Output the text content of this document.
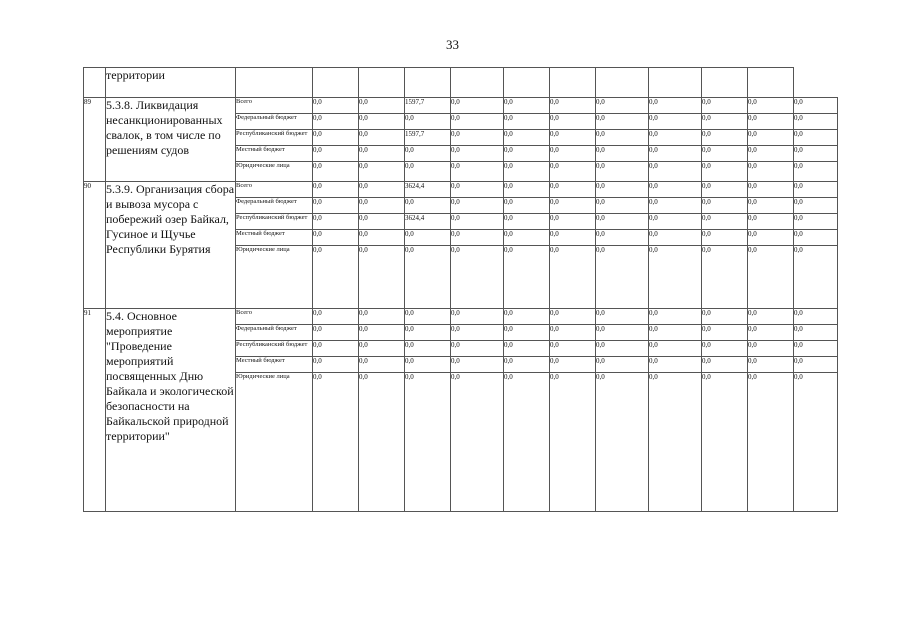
33
	территории												
89	5.3.8. Ликвидация несанкционированных свалок, в том числе по решениям судов	Всего	0,0	0,0	1597,7	0,0	0,0	0,0	0,0	0,0	0,0	0,0	0,0
		Федеральный бюджет	0,0	0,0	0,0	0,0	0,0	0,0	0,0	0,0	0,0	0,0	0,0
		Республиканский бюджет	0,0	0,0	1597,7	0,0	0,0	0,0	0,0	0,0	0,0	0,0	0,0
		Местный бюджет	0,0	0,0	0,0	0,0	0,0	0,0	0,0	0,0	0,0	0,0	0,0
		Юридические лица	0,0	0,0	0,0	0,0	0,0	0,0	0,0	0,0	0,0	0,0	0,0
90	5.3.9. Организация сбора и вывоза мусора с побережий озер Байкал, Гусиное и Щучье Республики Бурятия	Всего	0,0	0,0	3624,4	0,0	0,0	0,0	0,0	0,0	0,0	0,0	0,0
		Федеральный бюджет	0,0	0,0	0,0	0,0	0,0	0,0	0,0	0,0	0,0	0,0	0,0
		Республиканский бюджет	0,0	0,0	3624,4	0,0	0,0	0,0	0,0	0,0	0,0	0,0	0,0
		Местный бюджет	0,0	0,0	0,0	0,0	0,0	0,0	0,0	0,0	0,0	0,0	0,0
		Юридические лица	0,0	0,0	0,0	0,0	0,0	0,0	0,0	0,0	0,0	0,0	0,0
91	5.4. Основное мероприятие "Проведение мероприятий посвященных Дню Байкала и экологической безопасности на Байкальской природной территории"	Всего	0,0	0,0	0,0	0,0	0,0	0,0	0,0	0,0	0,0	0,0	0,0
		Федеральный бюджет	0,0	0,0	0,0	0,0	0,0	0,0	0,0	0,0	0,0	0,0	0,0
		Республиканский бюджет	0,0	0,0	0,0	0,0	0,0	0,0	0,0	0,0	0,0	0,0	0,0
		Местный бюджет	0,0	0,0	0,0	0,0	0,0	0,0	0,0	0,0	0,0	0,0	0,0
		Юридические лица	0,0	0,0	0,0	0,0	0,0	0,0	0,0	0,0	0,0	0,0	0,0
